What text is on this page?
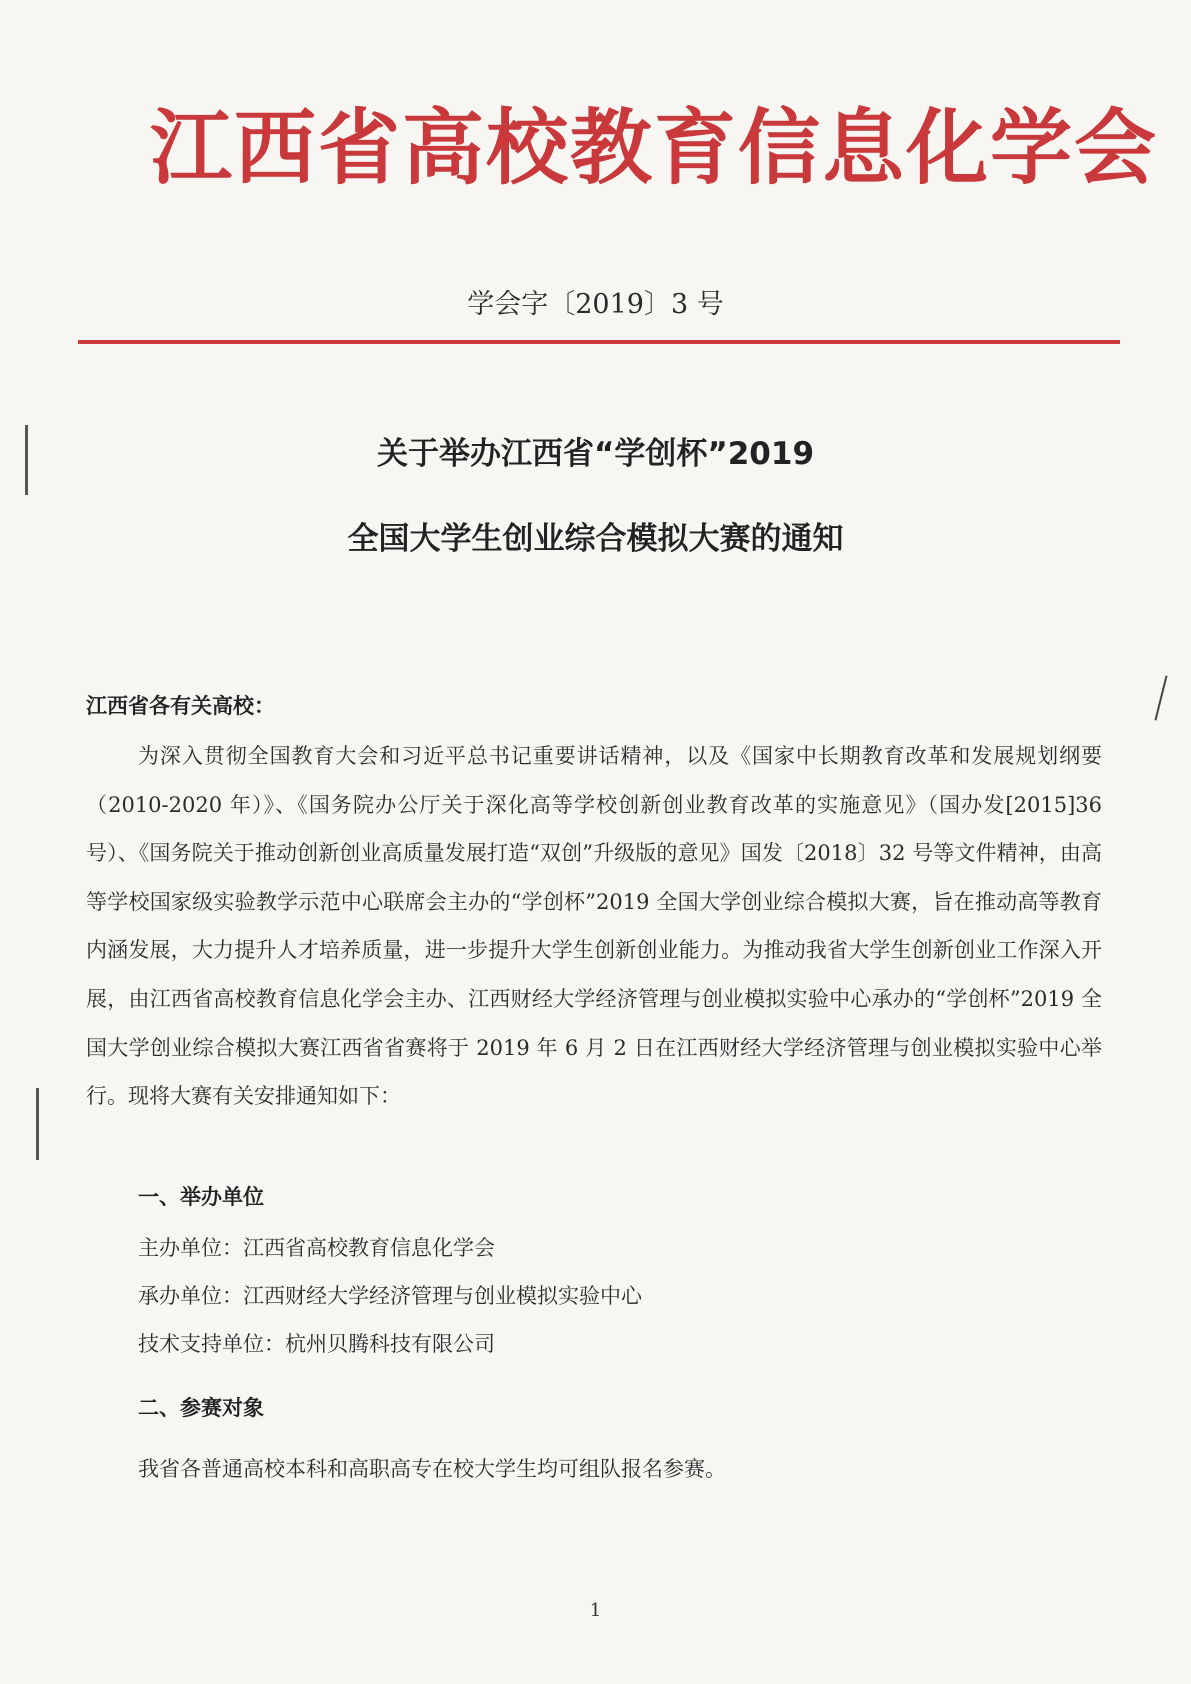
江西省高校教育信息化学会
学会字〔2019〕3 号
关于举办江西省“学创杯”2019
全国大学生创业综合模拟大赛的通知
江西省各有关高校：
为深入贯彻全国教育大会和习近平总书记重要讲话精神，以及《国家中长期教育改革和发展规划纲要（2010-2020 年）》、《国务院办公厅关于深化高等学校创新创业教育改革的实施意见》（国办发[2015]36 号）、《国务院关于推动创新创业高质量发展打造“双创”升级版的意见》国发〔2018〕32 号等文件精神，由高等学校国家级实验教学示范中心联席会主办的“学创杯”2019 全国大学创业综合模拟大赛，旨在推动高等教育内涵发展，大力提升人才培养质量，进一步提升大学生创新创业能力。为推动我省大学生创新创业工作深入开展，由江西省高校教育信息化学会主办、江西财经大学经济管理与创业模拟实验中心承办的“学创杯”2019 全国大学创业综合模拟大赛江西省省赛将于 2019 年 6 月 2 日在江西财经大学经济管理与创业模拟实验中心举行。现将大赛有关安排通知如下：
一、举办单位
主办单位：江西省高校教育信息化学会
承办单位：江西财经大学经济管理与创业模拟实验中心
技术支持单位：杭州贝腾科技有限公司
二、参赛对象
我省各普通高校本科和高职高专在校大学生均可组队报名参赛。
1
